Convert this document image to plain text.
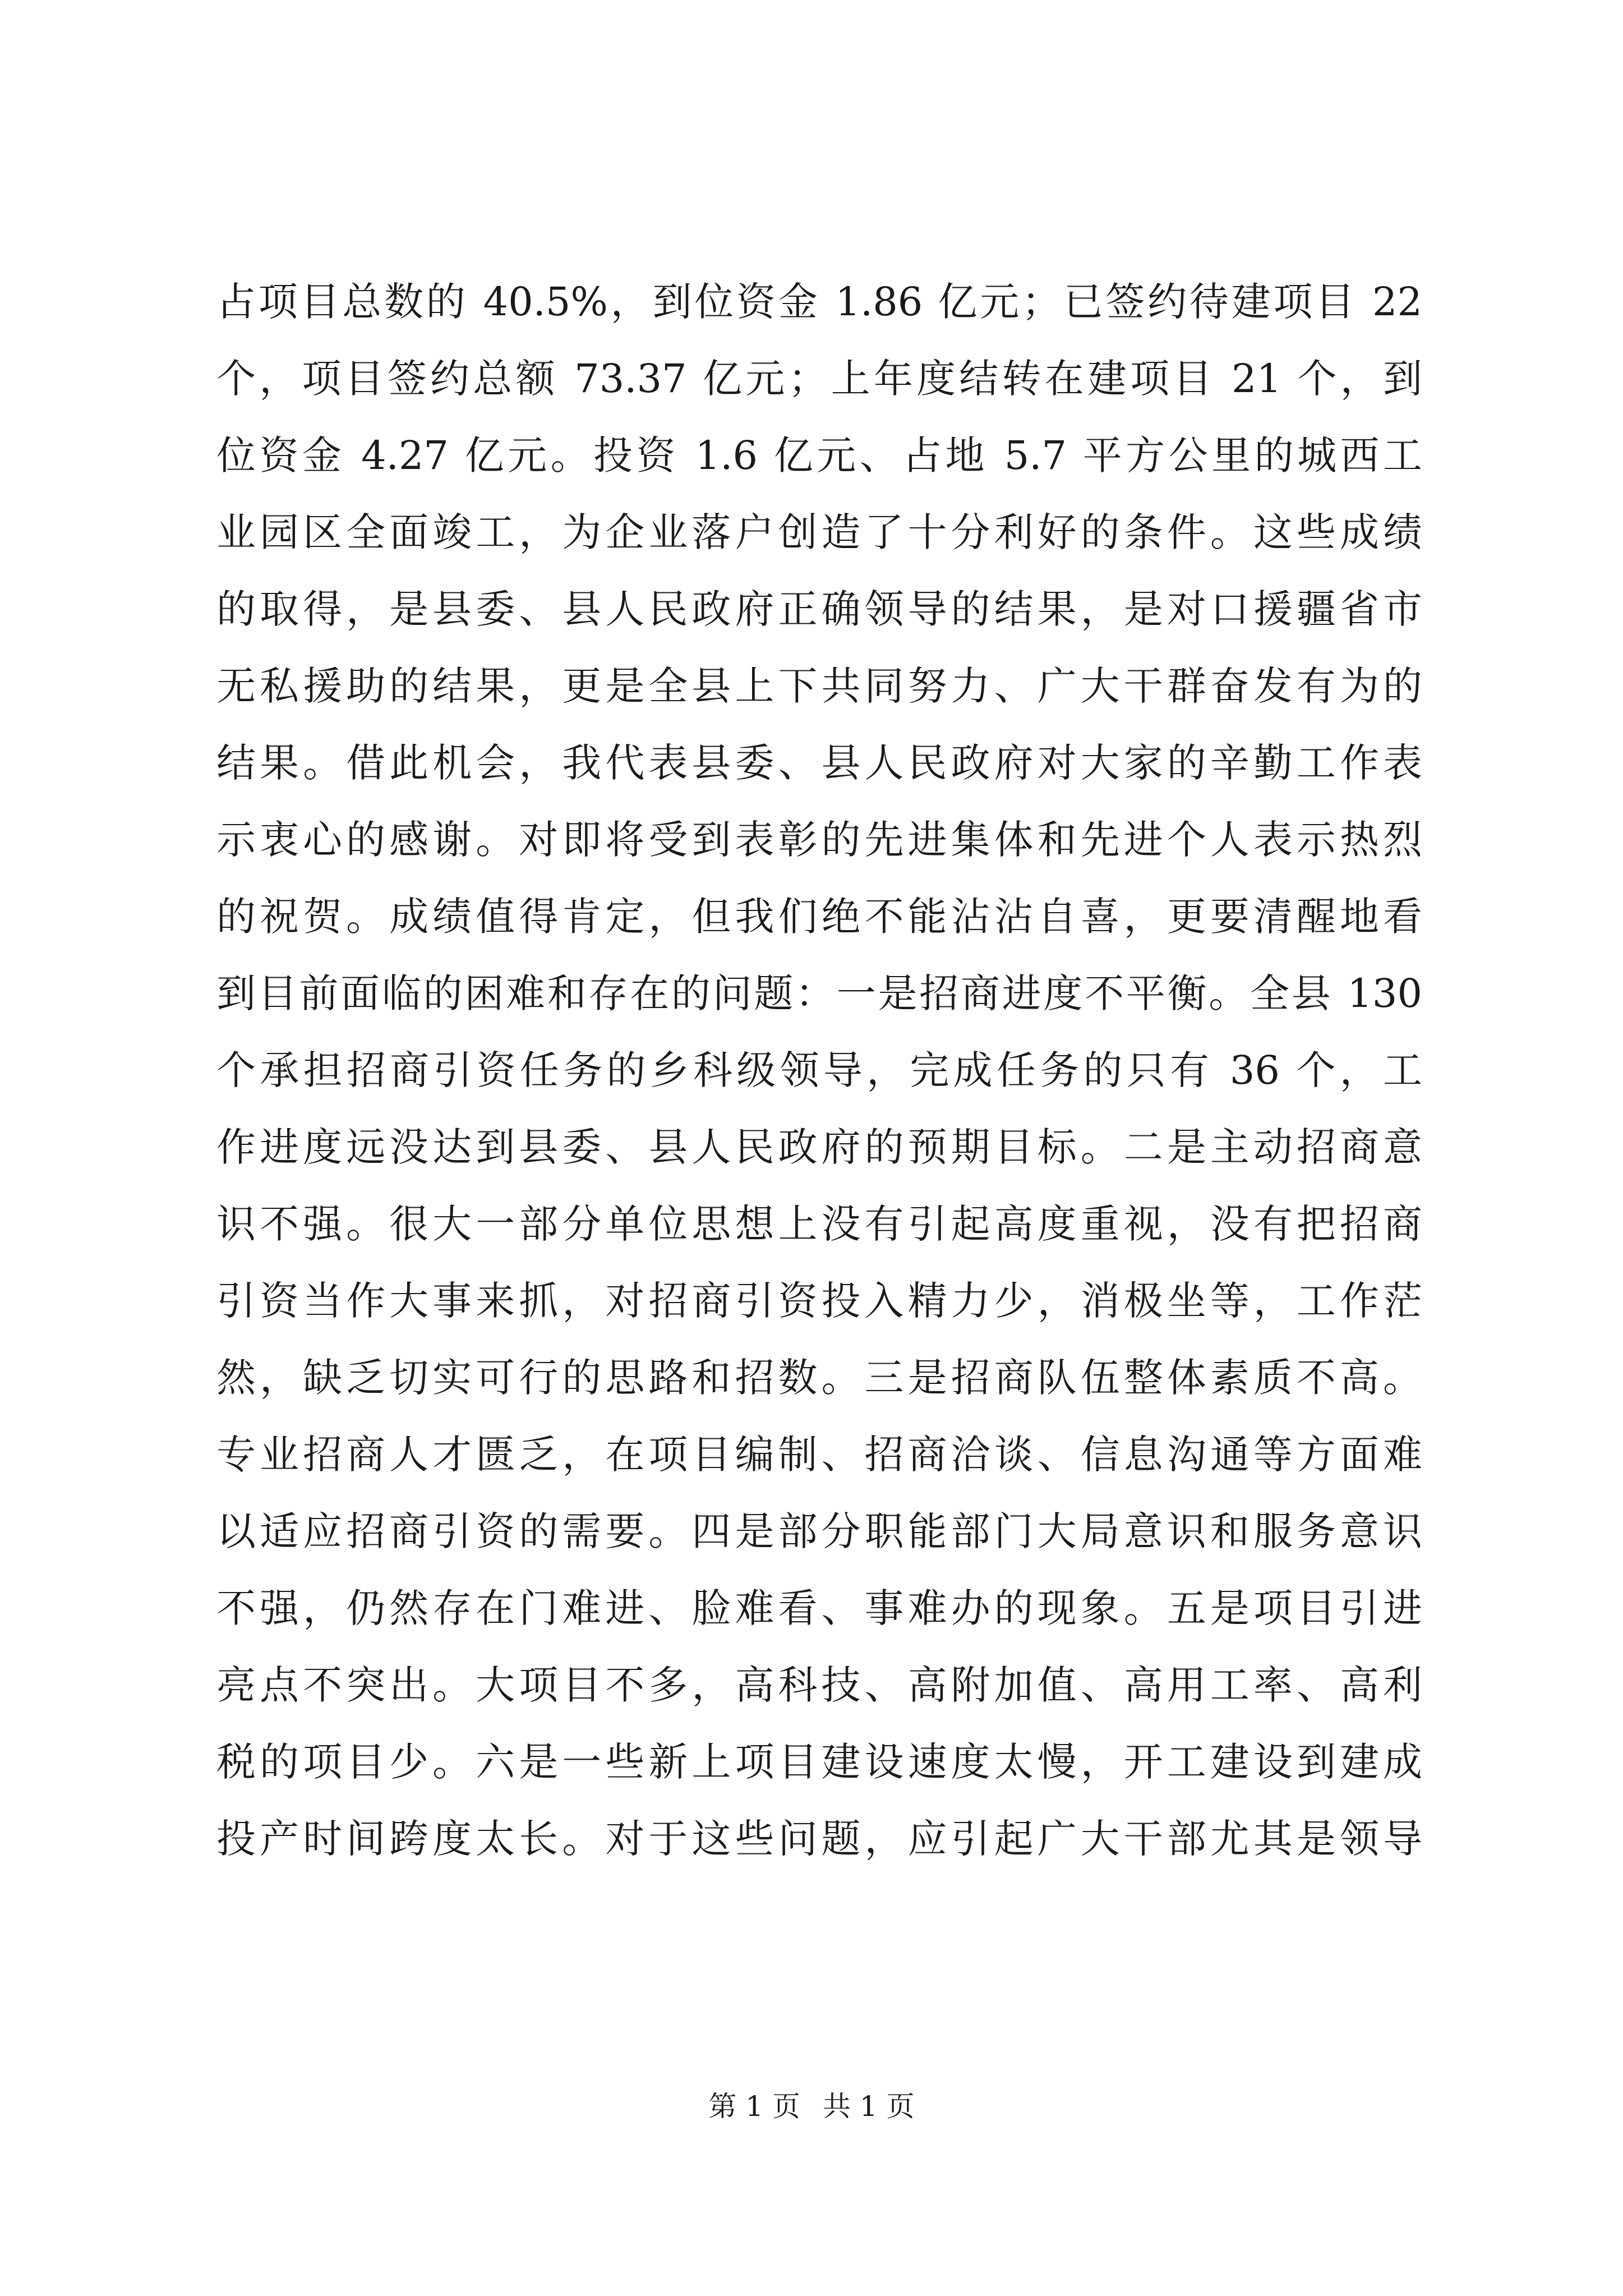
占项目总数的 40.5%，到位资金 1.86 亿元；已签约待建项目 22
个，项目签约总额 73.37 亿元；上年度结转在建项目 21 个，到
位资金 4.27 亿元。投资 1.6 亿元、占地 5.7 平方公里的城西工
业园区全面竣工，为企业落户创造了十分利好的条件。这些成绩
的取得，是县委、县人民政府正确领导的结果，是对口援疆省市
无私援助的结果，更是全县上下共同努力、广大干群奋发有为的
结果。借此机会，我代表县委、县人民政府对大家的辛勤工作表
示衷心的感谢。对即将受到表彰的先进集体和先进个人表示热烈
的祝贺。成绩值得肯定，但我们绝不能沾沾自喜，更要清醒地看
到目前面临的困难和存在的问题：一是招商进度不平衡。全县 130
个承担招商引资任务的乡科级领导，完成任务的只有 36 个，工
作进度远没达到县委、县人民政府的预期目标。二是主动招商意
识不强。很大一部分单位思想上没有引起高度重视，没有把招商
引资当作大事来抓，对招商引资投入精力少，消极坐等，工作茫
然，缺乏切实可行的思路和招数。三是招商队伍整体素质不高。
专业招商人才匮乏，在项目编制、招商洽谈、信息沟通等方面难
以适应招商引资的需要。四是部分职能部门大局意识和服务意识
不强，仍然存在门难进、脸难看、事难办的现象。五是项目引进
亮点不突出。大项目不多，高科技、高附加值、高用工率、高利
税的项目少。六是一些新上项目建设速度太慢，开工建设到建成
投产时间跨度太长。对于这些问题，应引起广大干部尤其是领导
第 1 页 共 1 页
